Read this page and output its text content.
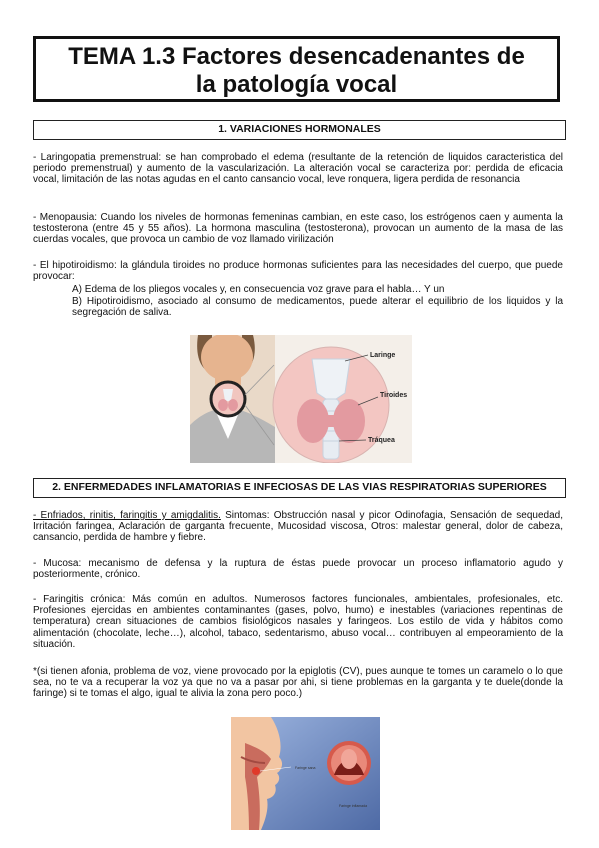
TEMA 1.3 Factores desencadenantes de
la patología vocal
1. VARIACIONES HORMONALES

- Laringopatia premenstrual: se han comprobado el edema (resultante de la retención de liquidos caracteristica del periodo premenstrual) y aumento de la vascularización. La alteración vocal se caracteriza por: perdida de eficacia vocal, limitación de las notas agudas en el canto cansancio vocal, leve ronquera, ligera perdida de resonancia

- Menopausia: Cuando los niveles de hormonas femeninas cambian, en este caso, los estrógenos caen y aumenta la testosterona (entre 45 y 55 años). La hormona masculina (testosterona), provocan un aumento de la masa de las cuerdas vocales, que provoca un cambio de voz llamado virilización

- El hipotiroidismo: la glándula tiroides no produce hormonas suficientes para las necesidades del cuerpo, que puede provocar:

A) Edema de los pliegos vocales y, en consecuencia voz grave para el habla… Y un

B) Hipotiroidismo, asociado al consumo de medicamentos, puede alterar el equilibrio de los liquidos y la segregación de saliva.

Laringe
Tiroides
Tráquea
2. ENFERMEDADES INFLAMATORIAS E INFECIOSAS DE LAS VIAS RESPIRATORIAS SUPERIORES

- Enfriados, rinitis, faringitis y amigdalitis. Sintomas: Obstrucción nasal y picor Odinofagia, Sensación de sequedad, Irritación faringea, Aclaración de garganta frecuente, Mucosidad viscosa, Otros: malestar general, dolor de cabeza, cansancio, perdida de hambre y fiebre.

- Mucosa: mecanismo de defensa y la ruptura de éstas puede provocar un proceso inflamatorio agudo y posteriormente, crónico.

- Faringitis crónica: Más común en adultos. Numerosos factores funcionales, ambientales, profesionales, etc. Profesiones ejercidas en ambientes contaminantes (gases, polvo, humo) e inestables (variaciones repentinas de temperatura) crean situaciones de cambios fisiológicos nasales y faringeos. Los estilo de vida y hábitos como alimentación (chocolate, leche…), alcohol, tabaco, sedentarismo, abuso vocal… contribuyen al empeoramiento de la situación.

*(si tienen afonia, problema de voz, viene provocado por la epiglotis (CV), pues aunque te tomes un caramelo o lo que sea, no te va a recuperar la voz ya que no va a pasar por ahi, si tiene problemas en la garganta y te duele(donde la faringe) si te tomas el algo, igual te alivia la zona pero poco.)

Faringe sana
Faringe inflamada
